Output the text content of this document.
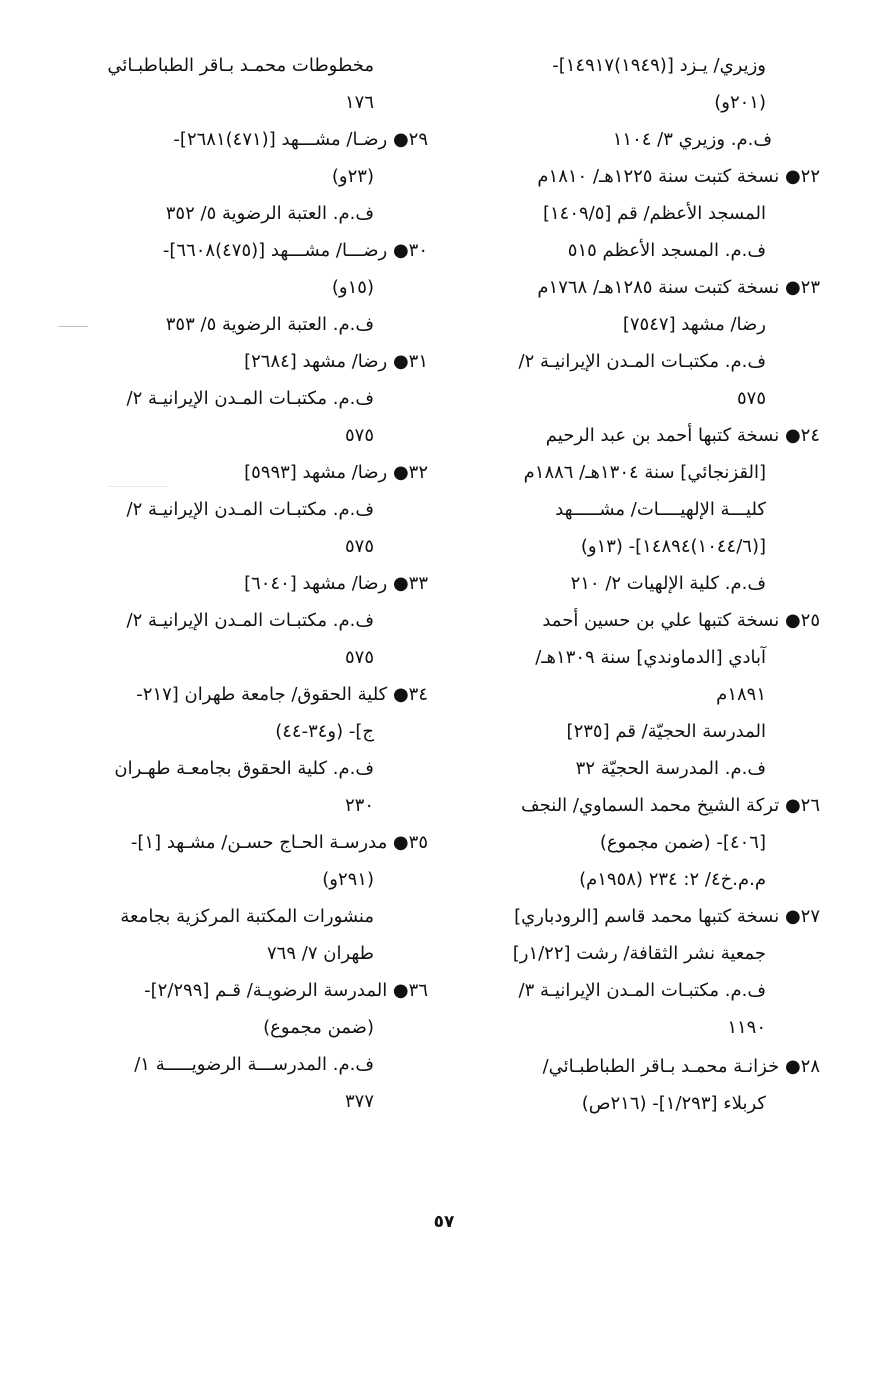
وزيري/ يـزد [(١٩٤٩)١٤٩١٧]-
(٢٠١و)
ف.م. وزيري ٣/ ١١٠٤
٢٢● نسخة كتبت سنة ١٢٢٥هـ/ ١٨١٠م
المسجد الأعظم/ قم [١٤٠٩/٥]
ف.م. المسجد الأعظم ٥١٥
٢٣● نسخة كتبت سنة ١٢٨٥هـ/ ١٧٦٨م
رضا/ مشهد [٧٥٤٧]
ف.م. مكتبـات المـدن الإيرانيـة ٢/
٥٧٥
٢٤● نسخة كتبها أحمد بن عبد الرحيم
[القزنجائي] سنة ١٣٠٤هـ/ ١٨٨٦م
كليـــة الإلهيــــات/ مشـــــهد
[(١٠٤٤/٦)١٤٨٩٤]- (١٣و)
ف.م. كلية الإلهيات ٢/ ٢١٠
٢٥● نسخة كتبها علي بن حسين أحمد
آبادي [الدماوندي] سنة ١٣٠٩هـ/
١٨٩١م
المدرسة الحجيّة/ قم [٢٣٥]
ف.م. المدرسة الحجيّة ٣٢
٢٦● تركة الشيخ محمد السماوي/ النجف
[٤٠٦]- (ضمن مجموع)
م.م.خ٤/ ٢: ٢٣٤ (١٩٥٨م)
٢٧● نسخة كتبها محمد قاسم [الرودباري]
جمعية نشر الثقافة/ رشت [١/٢٢ر]
ف.م. مكتبـات المـدن الإيرانيـة ٣/
١١٩٠
٢٨● خزانـة محمـد بـاقر الطباطبـائي/
كربلاء [١/٢٩٣]- (٢١٦ص)
مخطوطات محمـد بـاقر الطباطبـائي
١٧٦
٢٩● رضـا/ مشـــهد [(٤٧١)٢٦٨١]-
(٢٣و)
ف.م. العتبة الرضوية ٥/ ٣٥٢
٣٠● رضـــا/ مشـــهد [(٤٧٥)٦٦٠٨]-
(١٥و)
ف.م. العتبة الرضوية ٥/ ٣٥٣
٣١● رضا/ مشهد [٢٦٨٤]
ف.م. مكتبـات المـدن الإيرانيـة ٢/
٥٧٥
٣٢● رضا/ مشهد [٥٩٩٣]
ف.م. مكتبـات المـدن الإيرانيـة ٢/
٥٧٥
٣٣● رضا/ مشهد [٦٠٤٠]
ف.م. مكتبـات المـدن الإيرانيـة ٢/
٥٧٥
٣٤● كلية الحقوق/ جامعة طهران [٢١٧-
ج]- (و٣٤-٤٤)
ف.م. كلية الحقوق بجامعـة طهـران
٢٣٠
٣٥● مدرسـة الحـاج حسـن/ مشـهد [١]-
(٢٩١و)
منشورات المكتبة المركزية بجامعة
طهران ٧/ ٧٦٩
٣٦● المدرسة الرضويـة/ قـم [٢/٢٩٩]-
(ضمن مجموع)
ف.م. المدرســـة الرضويـــــة ١/
٣٧٧
٥٧
